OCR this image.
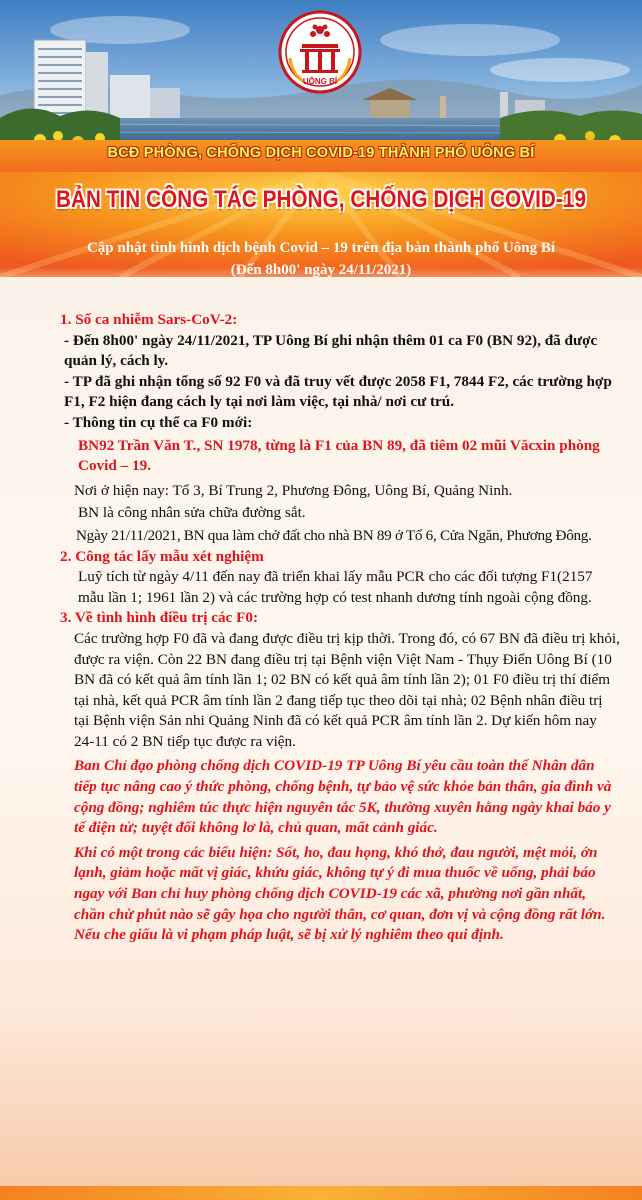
UÔNG BÍ
BCĐ PHÒNG, CHỐNG DỊCH COVID-19 THÀNH PHỐ UÔNG BÍ
BẢN TIN CÔNG TÁC PHÒNG, CHỐNG DỊCH COVID-19
Cập nhật tình hình dịch bệnh Covid – 19 trên địa bàn thành phố Uông Bí
(Đến 8h00' ngày 24/11/2021)

1. Số ca nhiễm Sars-CoV-2:

- Đến 8h00' ngày 24/11/2021, TP Uông Bí ghi nhận thêm 01 ca F0 (BN 92), đã được quản lý, cách ly.

- TP đã ghi nhận tổng số 92 F0 và đã truy vết được 2058 F1, 7844 F2, các trường hợp F1, F2 hiện đang cách ly tại nơi làm việc, tại nhà/ nơi cư trú.

- Thông tin cụ thể ca F0 mới:

BN92 Trần Văn T., SN 1978, từng là F1 của BN 89, đã tiêm 02 mũi Văcxin phòng Covid – 19.

Nơi ở hiện nay: Tổ 3, Bí Trung 2, Phương Đông, Uông Bí, Quảng Ninh.

BN là công nhân sửa chữa đường sắt.

Ngày 21/11/2021, BN qua làm chở đất cho nhà BN 89 ở Tổ 6, Cửa Ngăn, Phương Đông.

2. Công tác lấy mẫu xét nghiệm

Luỹ tích từ ngày 4/11 đến nay đã triển khai lấy mẫu PCR cho các đối tượng F1(2157 mẫu lần 1; 1961 lần 2) và các trường hợp có test nhanh dương tính ngoài cộng đồng.

3. Về tình hình điều trị các F0:

Các trường hợp F0 đã và đang được điều trị kịp thời. Trong đó, có 67 BN đã điều trị khỏi, được ra viện. Còn 22 BN đang điều trị tại Bệnh viện Việt Nam - Thụy Điển Uông Bí (10 BN đã có kết quả âm tính lần 1; 02 BN có kết quả âm tính lần 2); 01 F0 điều trị thí điểm tại nhà, kết quả PCR âm tính lần 2 đang tiếp tục theo dõi tại nhà; 02 Bệnh nhân điều trị tại Bệnh viện Sản nhi Quảng Ninh đã có kết quả PCR âm tính lần 2. Dự kiến hôm nay 24-11 có 2 BN tiếp tục được ra viện.

Ban Chỉ đạo phòng chống dịch COVID-19 TP Uông Bí yêu cầu toàn thể Nhân dân tiếp tục nâng cao ý thức phòng, chống bệnh, tự bảo vệ sức khỏe bản thân, gia đình và cộng đồng; nghiêm túc thực hiện nguyên tắc 5K, thường xuyên hằng ngày khai báo y tế điện tử; tuyệt đối không lơ là, chủ quan, mất cảnh giác.

Khi có một trong các biểu hiện: Sốt, ho, đau họng, khó thở, đau người, mệt mỏi, ớn lạnh, giảm hoặc mất vị giác, khứu giác, không tự ý đi mua thuốc về uống, phải báo ngay với Ban chỉ huy phòng chống dịch COVID-19 các xã, phường nơi gần nhất, chần chừ phút nào sẽ gây họa cho người thân, cơ quan, đơn vị và cộng đồng rất lớn. Nếu che giấu là vi phạm pháp luật, sẽ bị xử lý nghiêm theo qui định.
